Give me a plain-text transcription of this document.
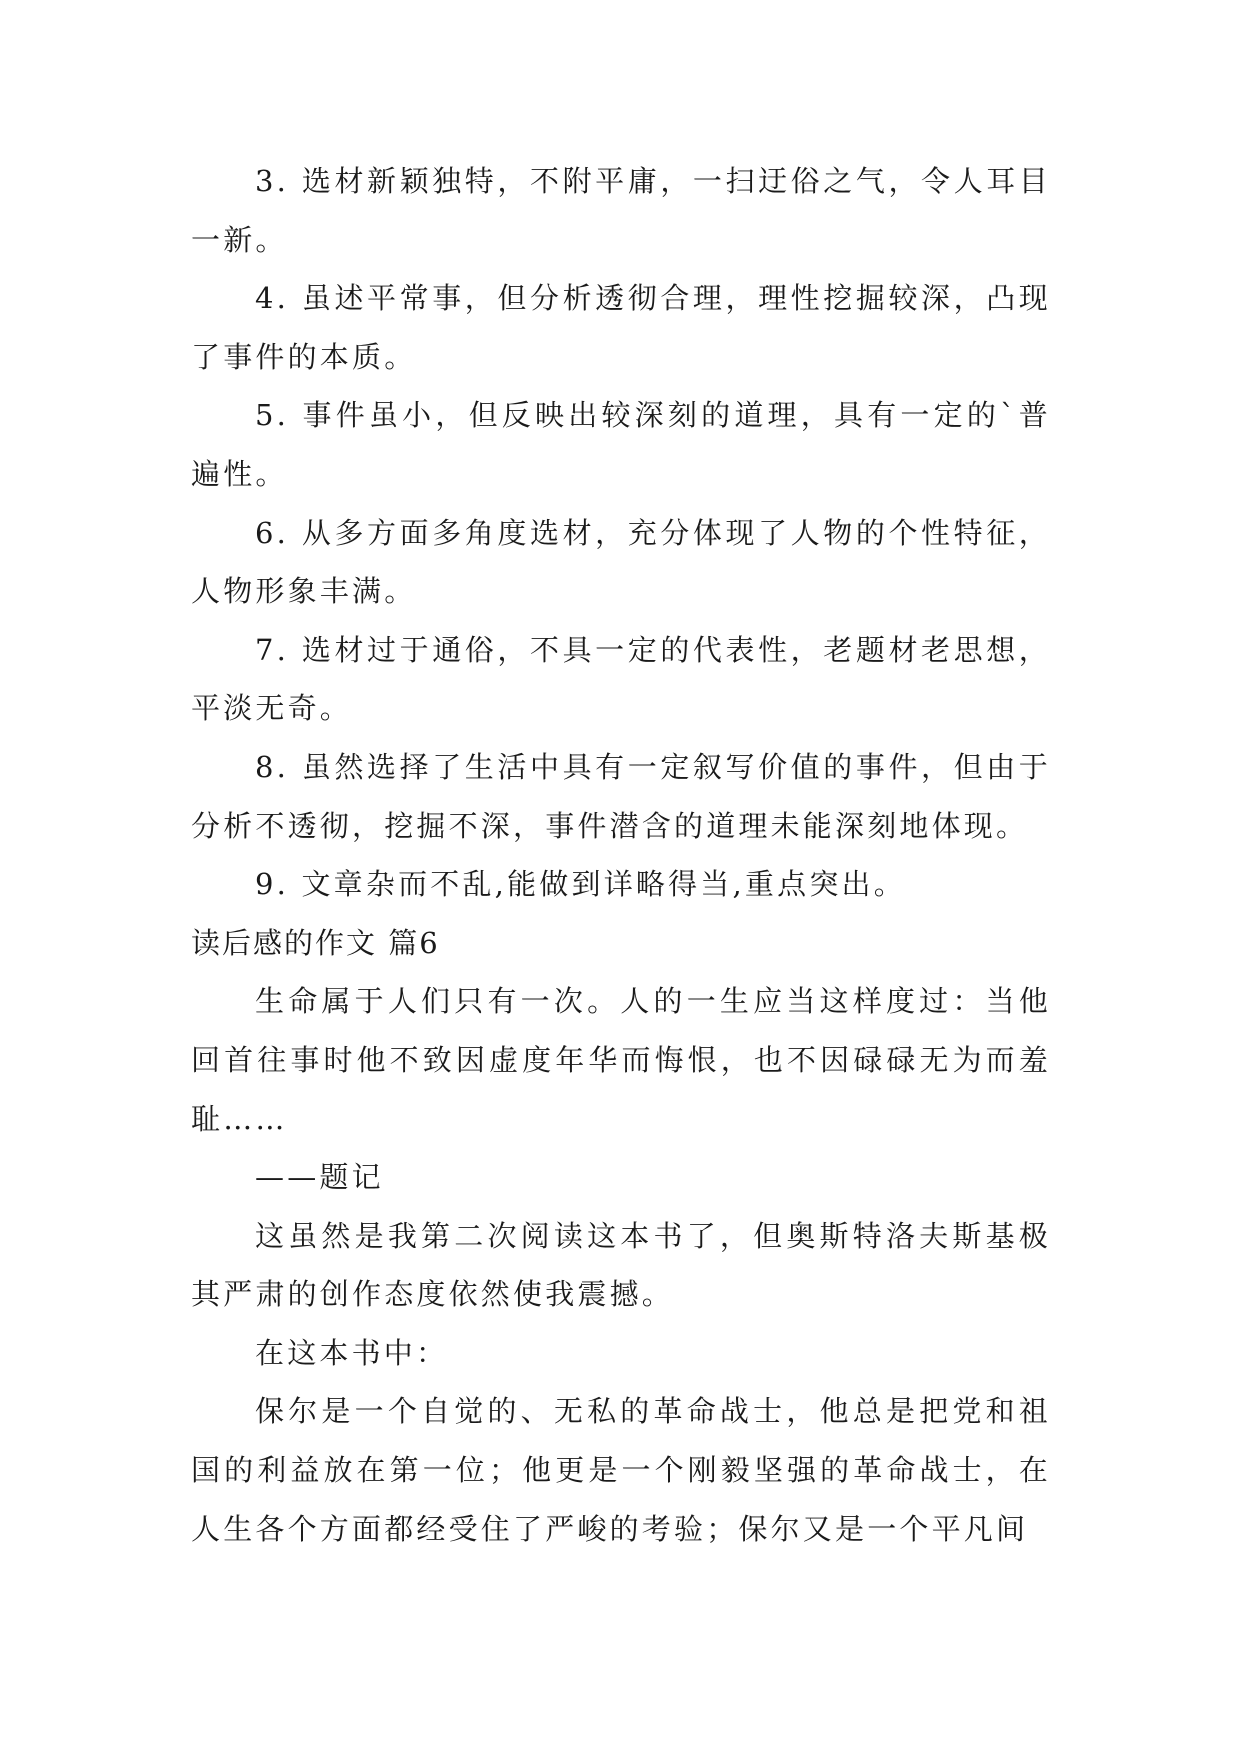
3. 选材新颖独特，不附平庸，一扫迂俗之气，令人耳目一新。

4. 虽述平常事，但分析透彻合理，理性挖掘较深，凸现了事件的本质。

5. 事件虽小，但反映出较深刻的道理，具有一定的`普遍性。

6. 从多方面多角度选材，充分体现了人物的个性特征，人物形象丰满。

7. 选材过于通俗，不具一定的代表性，老题材老思想，平淡无奇。

8. 虽然选择了生活中具有一定叙写价值的事件，但由于分析不透彻，挖掘不深，事件潜含的道理未能深刻地体现。

9. 文章杂而不乱,能做到详略得当,重点突出。

读后感的作文 篇6

生命属于人们只有一次。人的一生应当这样度过：当他回首往事时他不致因虚度年华而悔恨，也不因碌碌无为而羞耻……

——题记

这虽然是我第二次阅读这本书了，但奥斯特洛夫斯基极其严肃的创作态度依然使我震撼。

在这本书中：

保尔是一个自觉的、无私的革命战士，他总是把党和祖国的利益放在第一位；他更是一个刚毅坚强的革命战士，在人生各个方面都经受住了严峻的考验；保尔又是一个平凡间
